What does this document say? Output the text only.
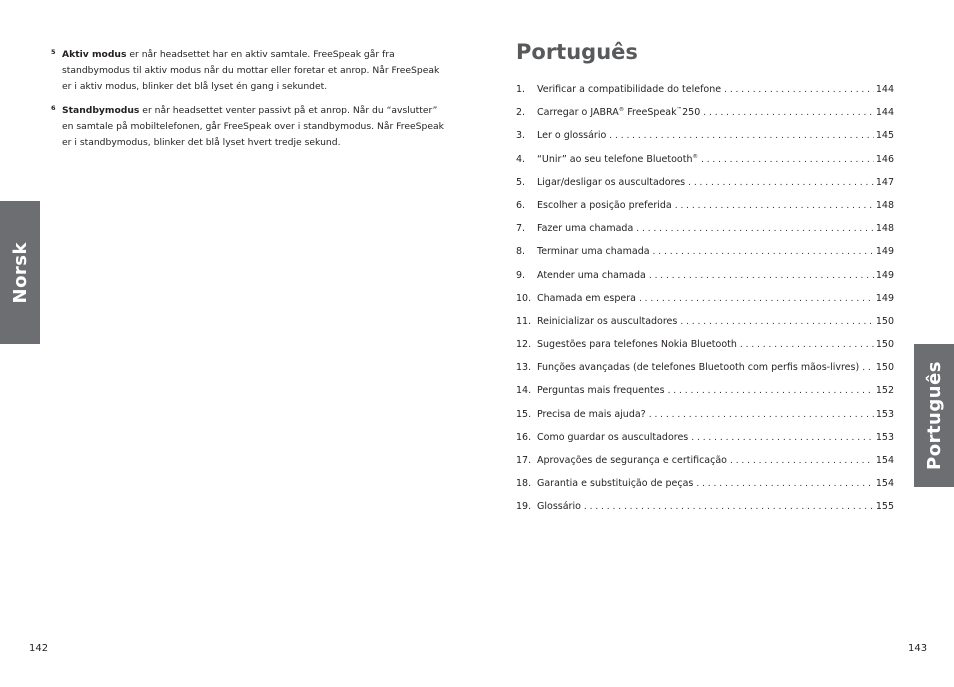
5 Aktiv modus er når headsettet har en aktiv samtale. FreeSpeak går fra standbymodus til aktiv modus når du mottar eller foretar et anrop. Når FreeSpeak er i aktiv modus, blinker det blå lyset én gang i sekundet.
6 Standbymodus er når headsettet venter passivt på et anrop. Når du “avslutter” en samtale på mobiltelefonen, går FreeSpeak over i standbymodus. Når FreeSpeak er i standbymodus, blinker det blå lyset hvert tredje sekund.
Norsk
142
Português
1.	Verificar a compatibilidade do telefone . . .	144
2.	Carregar o JABRA® FreeSpeak™250 . . .	144
3.	Ler o glossário . . .	145
4.	“Unir” ao seu telefone Bluetooth® . . .	146
5.	Ligar/desligar os auscultadores . . .	147
6.	Escolher a posição preferida . . .	148
7.	Fazer uma chamada . . .	148
8.	Terminar uma chamada . . .	149
9.	Atender uma chamada . . .	149
10. Chamada em espera . . .	149
11. Reinicializar os auscultadores . . .	150
12. Sugestões para telefones Nokia Bluetooth . . .	150
13. Funções avançadas (de telefones Bluetooth com perfis mãos-livres) . . .	150
14. Perguntas mais frequentes . . .	152
15. Precisa de mais ajuda? . . .	153
16. Como guardar os auscultadores . . .	153
17. Aprovações de segurança e certificação . . .	154
18. Garantia e substituição de peças . . .	154
19. Glossário . . .	155
143
Português
